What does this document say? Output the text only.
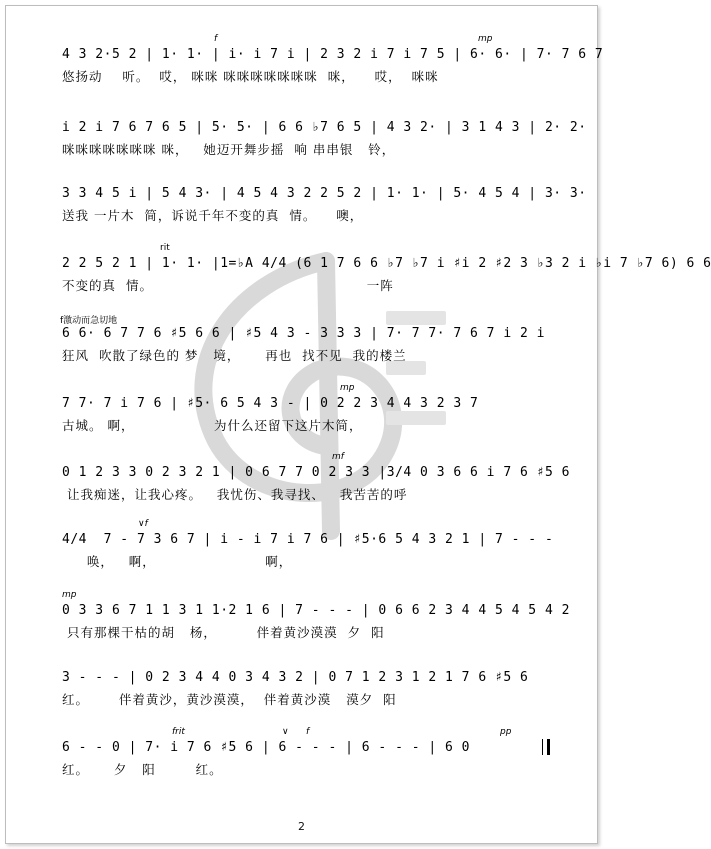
4 3 2·5 2 | 1· 1· | i· i 7 i | 2 3 2 i 7 i 7 5 | 6· 6· | 7· 7 6 7
悠扬动    听。  哎， 咪咪 咪咪咪咪咪咪咪  咪，    哎，  咪咪
f	mp
i 2 i 7 6 7 6 5 | 5· 5· | 6 6 ♭7 6 5 | 4 3 2· | 3 1 4 3 | 2· 2·
咪咪咪咪咪咪咪 咪，   她迈开舞步摇  响 串串银   铃，
3 3 4 5 i | 5 4 3· | 4 5 4 3 2 2 5 2 | 1· 1· | 5· 4 5 4 | 3· 3·
送我 一片木  简，诉说千年不变的真  情。    噢，
2 2 5 2 1 | 1· 1· |1=♭A 4/4 (6 1 7 6 6 ♭7 ♭7 i ♯i 2 ♯2 3 ♭3 2 i ♭i 7 ♭7 6) 6 6
不变的真  情。                                           一阵
rit
6 6· 6 7 7 6 ♯5 6 6 | ♯5 4 3 - 3 3 3 | 7· 7 7· 7 6 7 i 2 i
狂风  吹散了绿色的 梦   境，     再也  找不见  我的楼兰
f激动而急切地
7 7· 7 i 7 6 | ♯5· 6 5 4 3 - | 0 2 2 3 4 4 3 2 3 7
古城。 啊，                为什么还留下这片木简，
mp
0 1 2 3 3 0 2 3 2 1 | 0 6 7 7 0 2 3 3 |3/4 0 3 6 6 i 7 6 ♯5 6
让我痴迷，让我心疼。   我忧伤、我寻找、   我苦苦的呼
mf
4/4  7 - 7 3 6 7 | i - i 7 i 7 6 | ♯5·6 5 4 3 2 1 | 7 - - -
唤，   啊，                      啊，
∨f
0 3 3 6 7 1 1 3 1 1·2 1 6 | 7 - - - | 0 6 6 2 3 4 4 5 4 5 4 2
只有那棵干枯的胡   杨，        伴着黄沙漠漠  夕  阳
mp
3 - - - | 0 2 3 4 4 0 3 4 3 2 | 0 7 1 2 3 1 2 1 7 6 ♯5 6
红。      伴着黄沙，黄沙漠漠，  伴着黄沙漠   漠夕  阳
6 - - 0 | 7· i 7 6 ♯5 6 | 6 - - - | 6 - - - | 6 0
红。     夕   阳        红。
frit	∨ f	pp
2
